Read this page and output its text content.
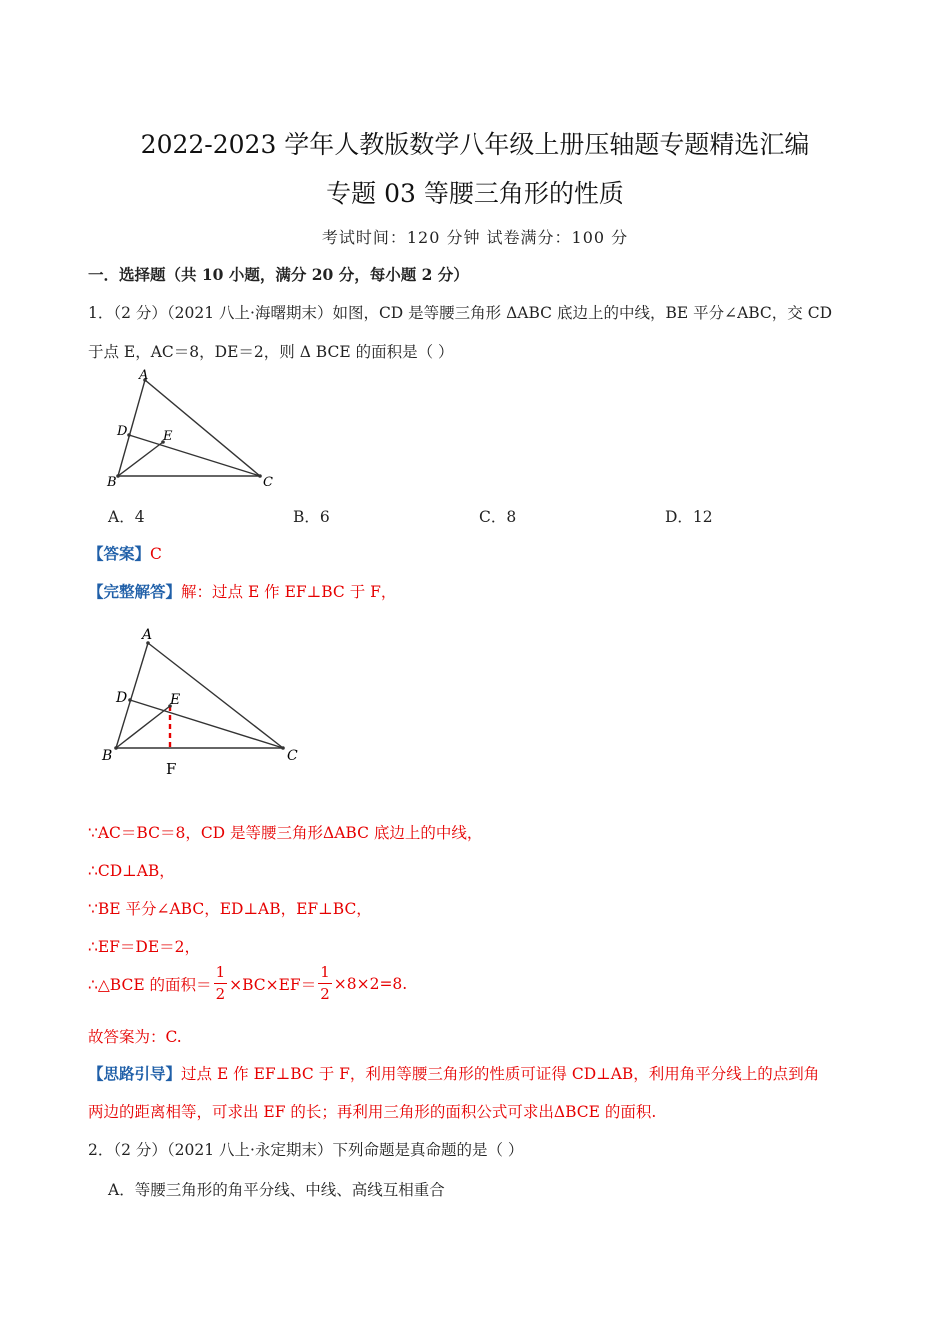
2022-2023 学年人教版数学八年级上册压轴题专题精选汇编
专题 03 等腰三角形的性质
考试时间：120 分钟 试卷满分：100 分
一．选择题（共 10 小题，满分 20 分，每小题 2 分）
1．（2 分）（2021 八上·海曙期末）如图，CD 是等腰三角形 ΔABC 底边上的中线，BE 平分∠ABC，交 CD
于点 E，AC＝8，DE＝2，则 Δ BCE 的面积是（ ）
A
B	C
D	E
A．4	B．6	C．8	D．12
【答案】C
【完整解答】解：过点 E 作 EF⊥BC 于 F，
A
B	C
D	E
F
∵AC＝BC＝8，CD 是等腰三角形ΔABC 底边上的中线，
∴CD⊥AB，
∵BE 平分∠ABC，ED⊥AB，EF⊥BC，
∴EF＝DE＝2，
∴△BCE 的面积＝ $\frac{1}{2} \times BC\times EF= \frac{1}{2} \times 8\times 2=8$.
故答案为：C.
【思路引导】过点 E 作 EF⊥BC 于 F，利用等腰三角形的性质可证得 CD⊥AB，利用角平分线上的点到角
两边的距离相等，可求出 EF 的长；再利用三角形的面积公式可求出ΔBCE 的面积.
2．（2 分）（2021 八上·永定期末）下列命题是真命题的是（ ）
A．等腰三角形的角平分线、中线、高线互相重合
